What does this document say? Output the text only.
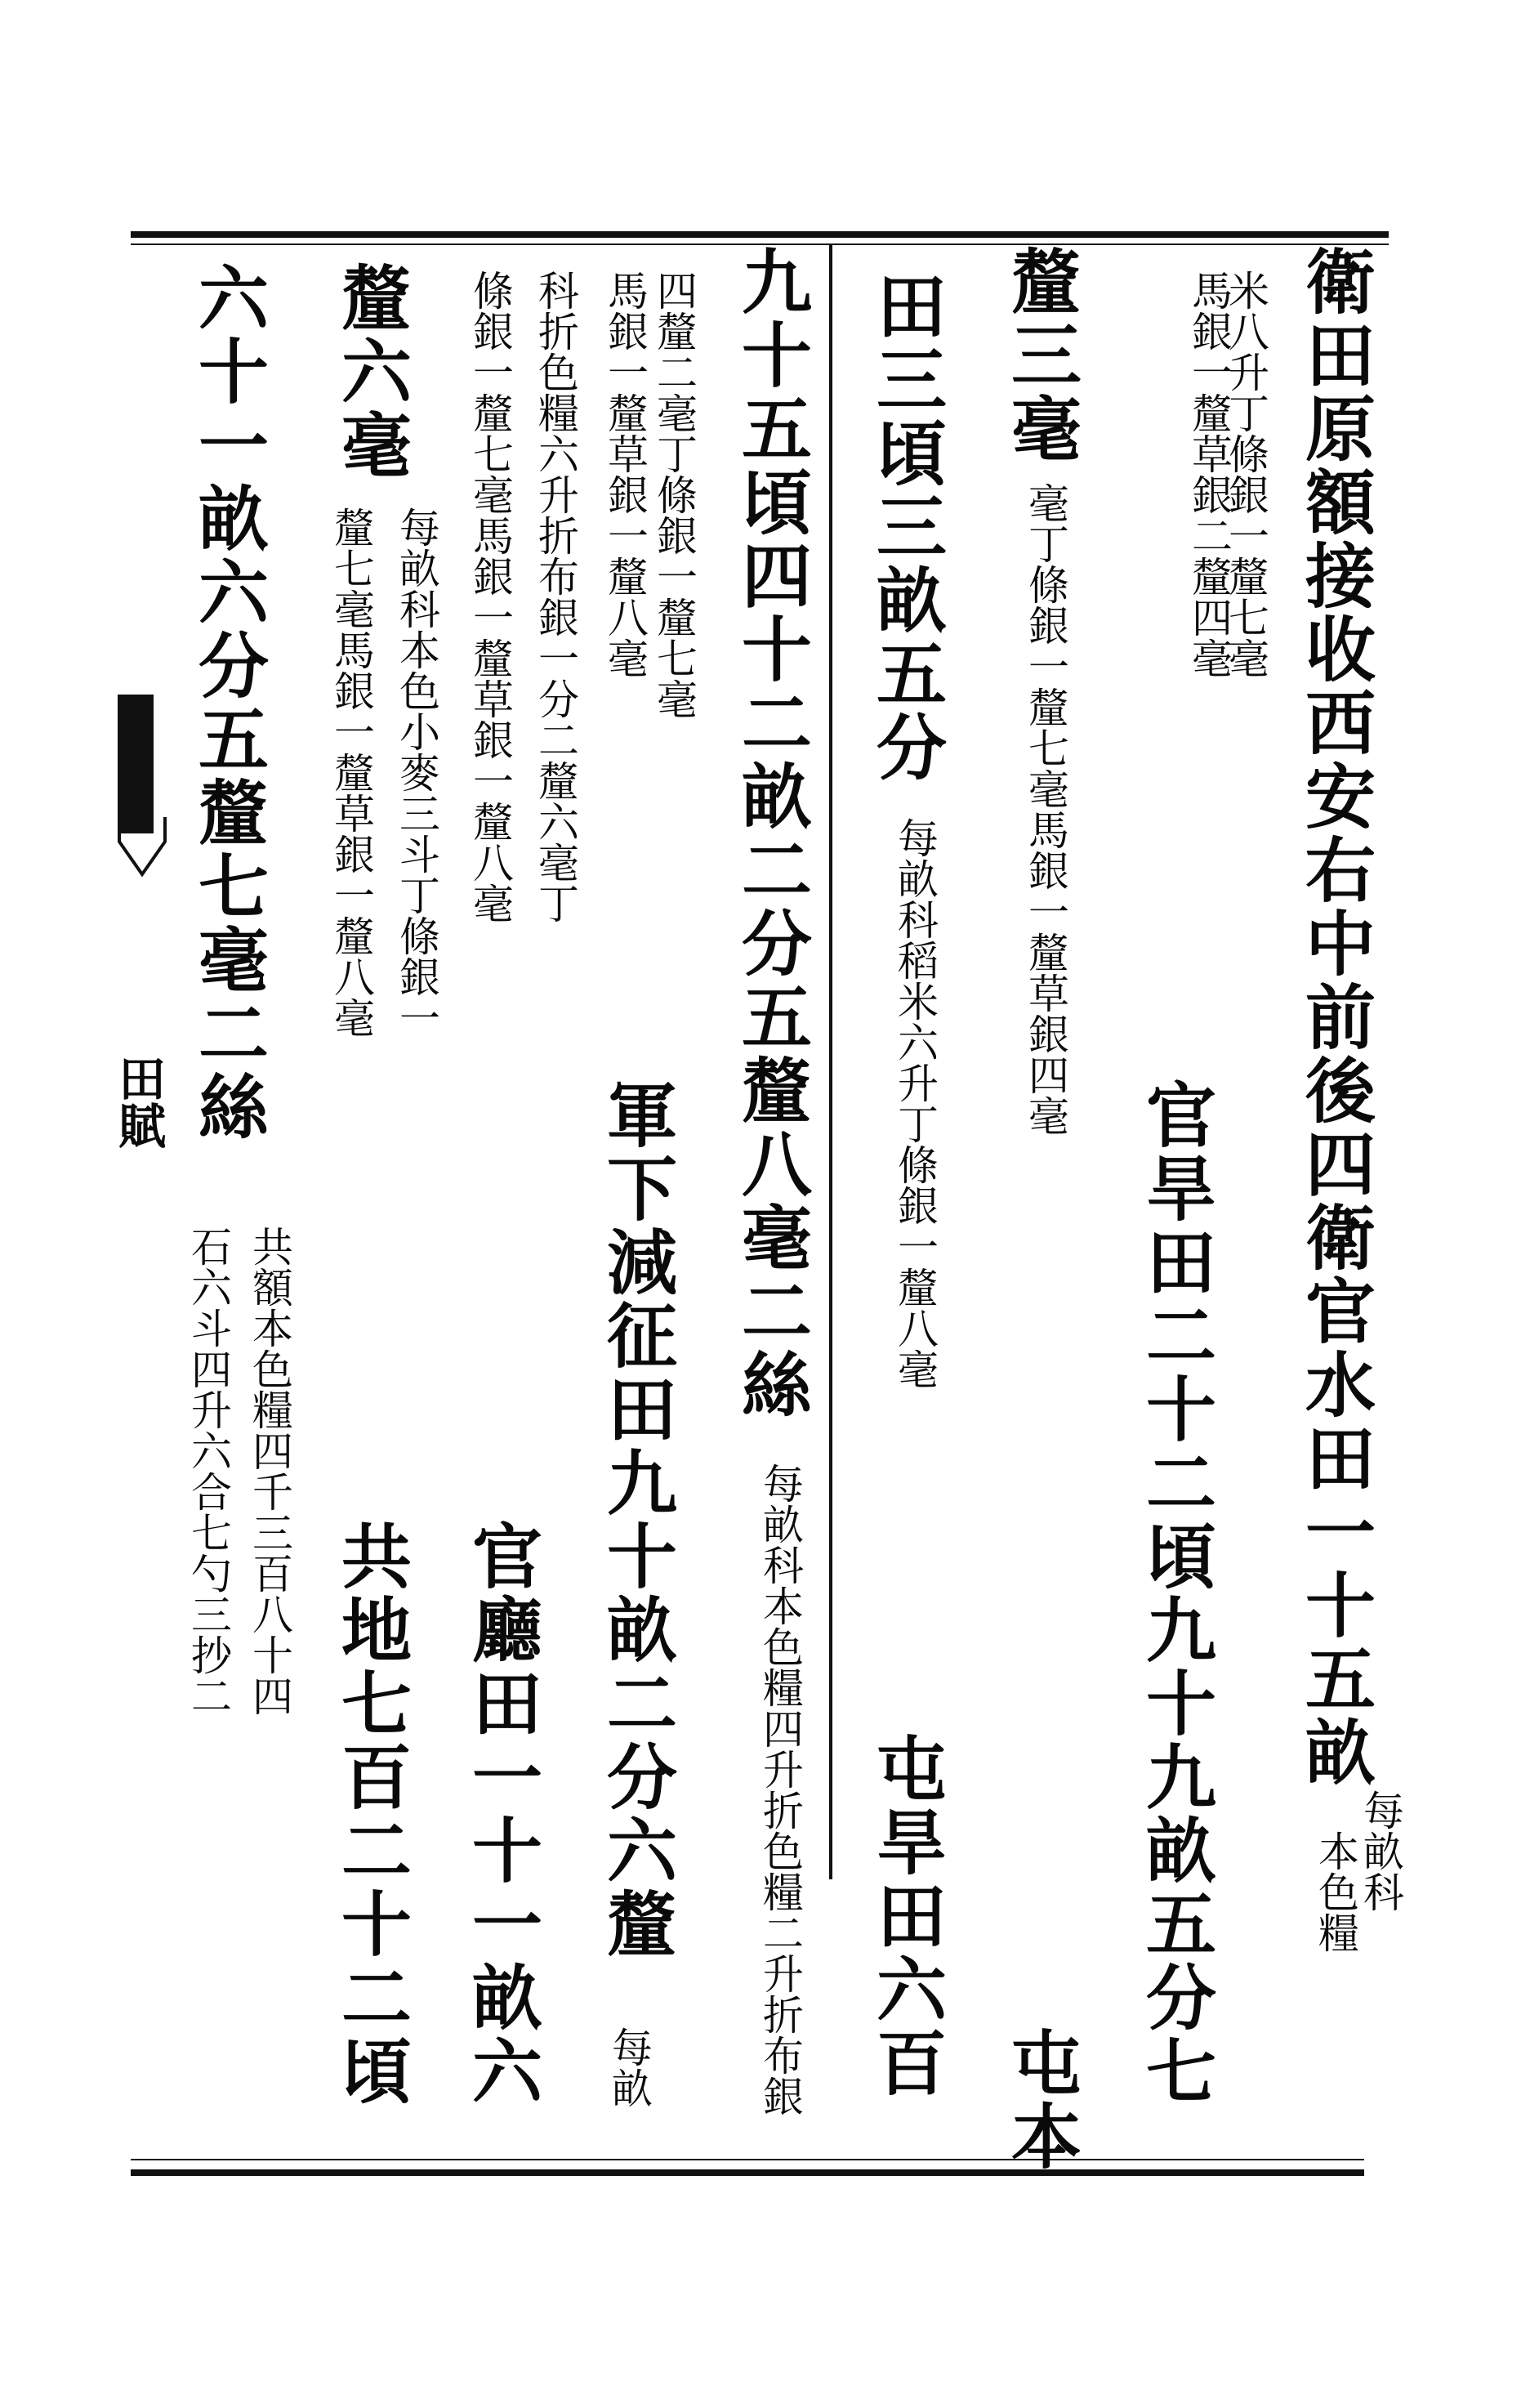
衛田原額接收西安右中前後四衛官水田一十五畝
每畝科
本色糧
米八升丁條銀一釐七毫
官旱田二十二頃九十九畝五分七
馬銀一釐草銀二釐四毫
釐三毫
毫丁條銀一釐七毫馬銀一釐草銀四毫
屯本
田三頃三畝五分
每畝科稻米六升丁條銀一釐八毫
屯旱田六百
九十五頃四十二畝二分五釐八毫二絲
每畝科本色糧四升折色糧二升折布銀
四釐二毫丁條銀一釐七毫
軍下減征田九十畝二分六釐
每畝
馬銀一釐草銀一釐八毫
官廳田一十一畝六
科折色糧六升折布銀一分二釐六毫丁
條銀一釐七毫馬銀一釐草銀一釐八毫
共地七百二十二頃
釐六毫
每畝科本色小麥三斗丁條銀一
釐七毫馬銀一釐草銀一釐八毫
六十一畝六分五釐七毫二絲
共額本色糧四千三百八十四
石六斗四升六合七勺三抄二
田賦
